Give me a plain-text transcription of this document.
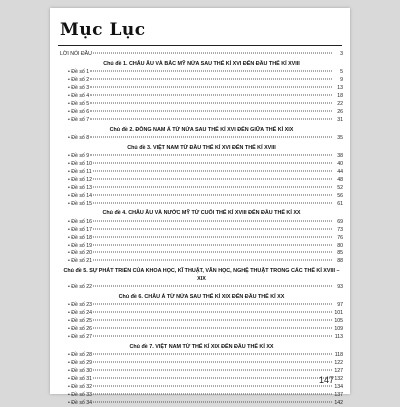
Mục Lục
LỜI NÓI ĐẦU	3
Chủ đề 1. CHÂU ÂU VÀ BẮC MỸ NỬA SAU THẾ KỈ XVI ĐẾN ĐẦU THẾ KỈ XVIII
• Đề số 1	5
• Đề số 2	9
• Đề số 3	13
• Đề số 4	18
• Đề số 5	22
• Đề số 6	26
• Đề số 7	31
Chủ đề 2. ĐÔNG NAM Á TỪ NỬA SAU THẾ KỈ XVI ĐẾN GIỮA THẾ KỈ XIX
• Đề số 8	35
Chủ đề 3. VIỆT NAM TỪ ĐẦU THẾ KỈ XVI ĐẾN THẾ KỈ XVIII
• Đề số 9	38
• Đề số 10	40
• Đề số 11	44
• Đề số 12	48
• Đề số 13	52
• Đề số 14	56
• Đề số 15	61
Chủ đề 4. CHÂU ÂU VÀ NƯỚC MỸ TỪ CUỐI THẾ KỈ XVIII ĐẾN ĐẦU THẾ KỈ XX
• Đề số 16	69
• Đề số 17	73
• Đề số 18	76
• Đề số 19	80
• Đề số 20	85
• Đề số 21	88
Chủ đề 5. SỰ PHÁT TRIỂN CỦA KHOA HỌC, KĨ THUẬT, VĂN HỌC, NGHỆ THUẬT TRONG CÁC THẾ KỈ XVIII – XIX
• Đề số 22	93
Chủ đề 6. CHÂU Á TỪ NỬA SAU THẾ KỈ XIX ĐẾN ĐẦU THẾ KỈ XX
• Đề số 23	97
• Đề số 24	101
• Đề số 25	105
• Đề số 26	109
• Đề số 27	113
Chủ đề 7. VIỆT NAM TỪ THẾ KỈ XIX ĐẾN ĐẦU THẾ KỈ XX
• Đề số 28	118
• Đề số 29	122
• Đề số 30	127
• Đề số 31	132
• Đề số 32	134
• Đề số 33	137
• Đề số 34	142
147
